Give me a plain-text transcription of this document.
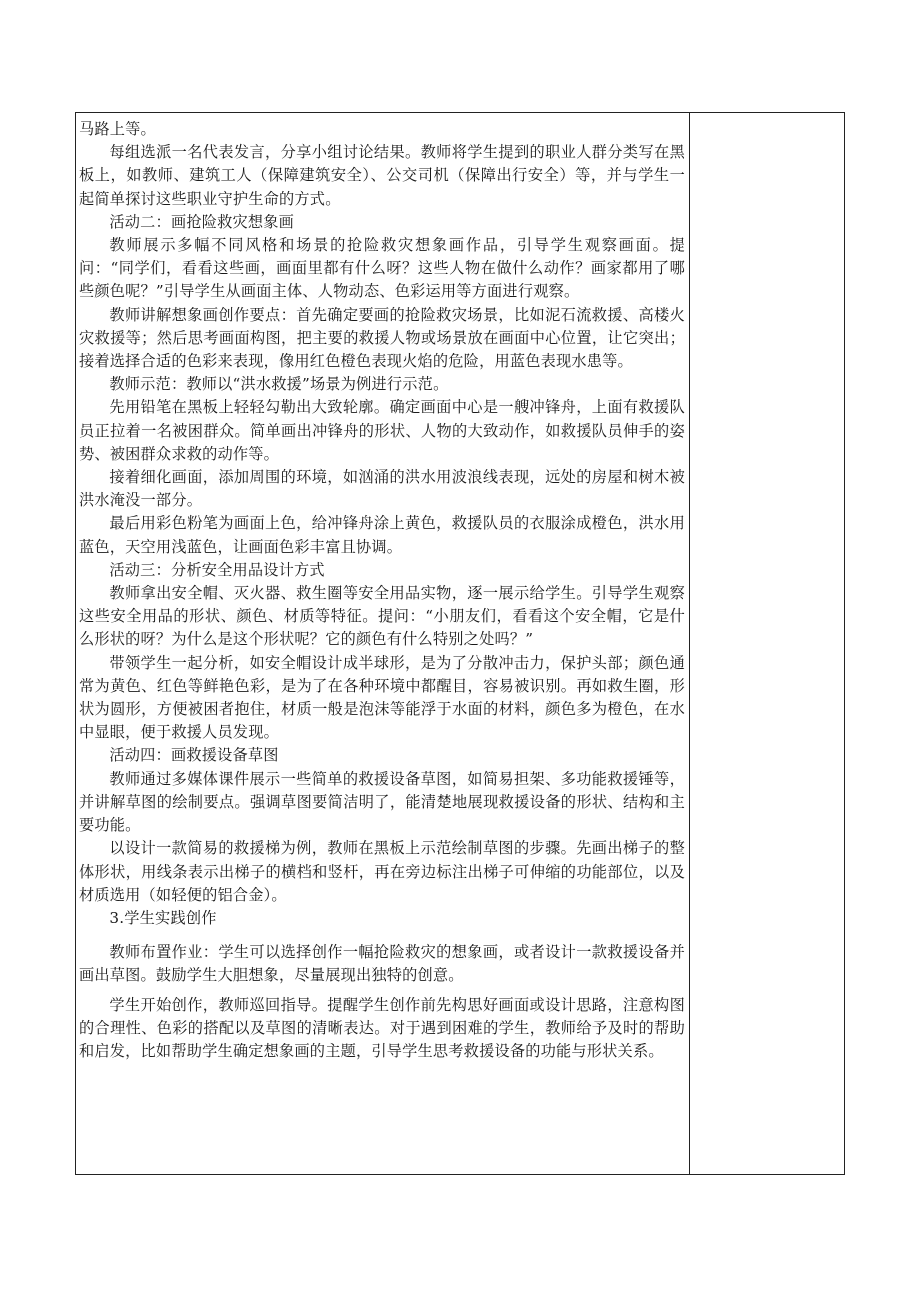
马路上等。

每组选派一名代表发言，分享小组讨论结果。教师将学生提到的职业人群分类写在黑板上，如教师、建筑工人（保障建筑安全）、公交司机（保障出行安全）等，并与学生一起简单探讨这些职业守护生命的方式。

活动二：画抢险救灾想象画

教师展示多幅不同风格和场景的抢险救灾想象画作品，引导学生观察画面。提问：“同学们，看看这些画，画面里都有什么呀？这些人物在做什么动作？画家都用了哪些颜色呢？”引导学生从画面主体、人物动态、色彩运用等方面进行观察。

教师讲解想象画创作要点：首先确定要画的抢险救灾场景，比如泥石流救援、高楼火灾救援等；然后思考画面构图，把主要的救援人物或场景放在画面中心位置，让它突出；接着选择合适的色彩来表现，像用红色橙色表现火焰的危险，用蓝色表现水患等。

教师示范：教师以“洪水救援”场景为例进行示范。

先用铅笔在黑板上轻轻勾勒出大致轮廓。确定画面中心是一艘冲锋舟，上面有救援队员正拉着一名被困群众。简单画出冲锋舟的形状、人物的大致动作，如救援队员伸手的姿势、被困群众求救的动作等。

接着细化画面，添加周围的环境，如汹涌的洪水用波浪线表现，远处的房屋和树木被洪水淹没一部分。

最后用彩色粉笔为画面上色，给冲锋舟涂上黄色，救援队员的衣服涂成橙色，洪水用蓝色，天空用浅蓝色，让画面色彩丰富且协调。

活动三：分析安全用品设计方式

教师拿出安全帽、灭火器、救生圈等安全用品实物，逐一展示给学生。引导学生观察这些安全用品的形状、颜色、材质等特征。提问：“小朋友们，看看这个安全帽，它是什么形状的呀？为什么是这个形状呢？它的颜色有什么特别之处吗？”

带领学生一起分析，如安全帽设计成半球形，是为了分散冲击力，保护头部；颜色通常为黄色、红色等鲜艳色彩，是为了在各种环境中都醒目，容易被识别。再如救生圈，形状为圆形，方便被困者抱住，材质一般是泡沫等能浮于水面的材料，颜色多为橙色，在水中显眼，便于救援人员发现。

活动四：画救援设备草图

教师通过多媒体课件展示一些简单的救援设备草图，如简易担架、多功能救援锤等，并讲解草图的绘制要点。强调草图要简洁明了，能清楚地展现救援设备的形状、结构和主要功能。

以设计一款简易的救援梯为例，教师在黑板上示范绘制草图的步骤。先画出梯子的整体形状，用线条表示出梯子的横档和竖杆，再在旁边标注出梯子可伸缩的功能部位，以及材质选用（如轻便的铝合金）。

3.学生实践创作

教师布置作业：学生可以选择创作一幅抢险救灾的想象画，或者设计一款救援设备并画出草图。鼓励学生大胆想象，尽量展现出独特的创意。

学生开始创作，教师巡回指导。提醒学生创作前先构思好画面或设计思路，注意构图的合理性、色彩的搭配以及草图的清晰表达。对于遇到困难的学生，教师给予及时的帮助和启发，比如帮助学生确定想象画的主题，引导学生思考救援设备的功能与形状关系。
